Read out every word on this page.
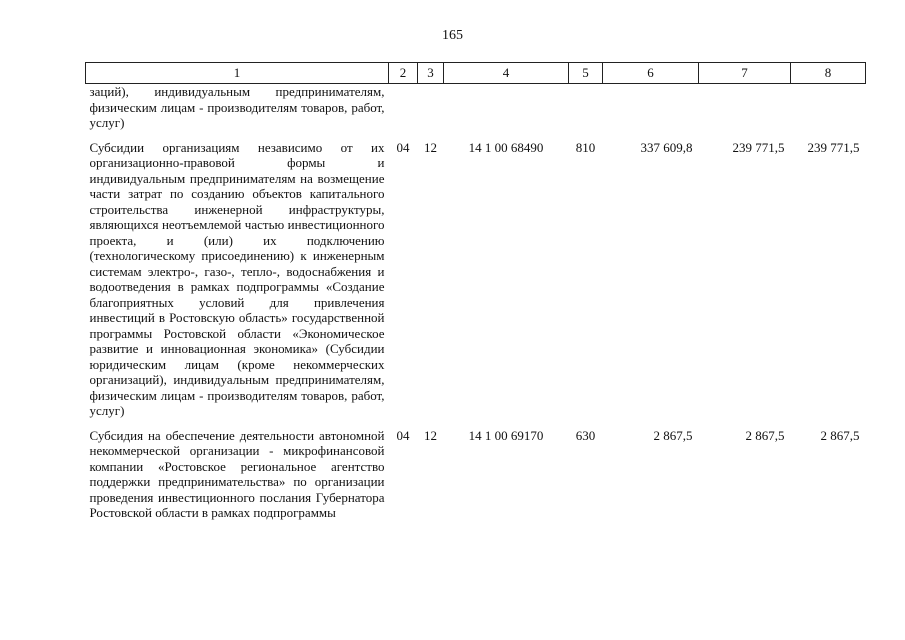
165
1	2	3	4	5	6	7	8
заций), индивидуальным предпринимателям, физическим лицам - производителям товаров, работ, услуг)							
Субсидии организациям независимо от их организационно-правовой формы и индивидуальным предпринимателям на возмещение части затрат по созданию объектов капитального строительства инженерной инфраструктуры, являющихся неотъемлемой частью инвестиционного проекта, и (или) их подключению (технологическому присоединению) к инженерным системам электро-, газо-, тепло-, водоснабжения и водоотведения в рамках подпрограммы «Создание благоприятных условий для привлечения инвестиций в Ростовскую область» государственной программы Ростовской области «Экономическое развитие и инновационная экономика» (Субсидии юридическим лицам (кроме некоммерческих организаций), индивидуальным предпринимателям, физическим лицам - производителям товаров, работ, услуг)	04	12	14 1 00 68490	810	337 609,8	239 771,5	239 771,5
Субсидия на обеспечение деятельности автономной некоммерческой организации - микрофинансовой компании «Ростовское региональное агентство поддержки предпринимательства» по организации проведения инвестиционного послания Губернатора Ростовской области в рамках подпрограммы	04	12	14 1 00 69170	630	2 867,5	2 867,5	2 867,5
